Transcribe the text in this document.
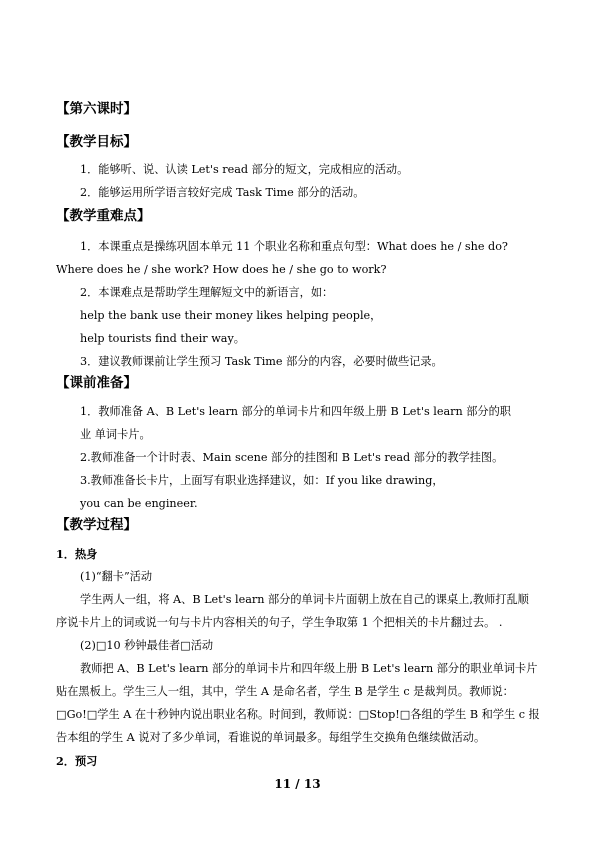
【第六课时】
【教学目标】
1．能够听、说、认读 Let's read 部分的短文，完成相应的活动。
2．能够运用所学语言较好完成 Task Time 部分的活动。
【教学重难点】
1．本课重点是操练巩固本单元 11 个职业名称和重点句型：What does he / she do?
Where does he / she work? How does he / she go to work?
2．本课难点是帮助学生理解短文中的新语言，如：
help the bank use their money likes helping people，
help tourists find their way。
3．建议教师课前让学生预习 Task Time 部分的内容，必要时做些记录。
【课前准备】
1．教师准备 A、B Let's learn 部分的单词卡片和四年级上册 B Let's learn 部分的职
业 单词卡片。
2.教师准备一个计时表、Main scene 部分的挂图和 B Let's read 部分的教学挂图。
3.教师准备长卡片，上面写有职业选择建议，如：If you like drawing，
you can be engineer.
【教学过程】
1．热身
(1)“翻卡”活动
学生两人一组，将 A、B Let's learn 部分的单词卡片面朝上放在自己的课桌上,教师打乱顺
序说卡片上的词或说一句与卡片内容相关的句子，学生争取第 1 个把相关的卡片翻过去。 .
(2)□10 秒钟最佳者□活动
教师把 A、B Let's learn 部分的单词卡片和四年级上册 B Let's learn 部分的职业单词卡片
贴在黑板上。学生三人一组，其中，学生 A 是命名者，学生 B 是学生 c 是裁判员。教师说：
□Go!□学生 A 在十秒钟内说出职业名称。时间到，教师说：□Stop!□各组的学生 B 和学生 c 报
告本组的学生 A 说对了多少单词，看谁说的单词最多。每组学生交换角色继续做活动。
2．预习
11 / 13
